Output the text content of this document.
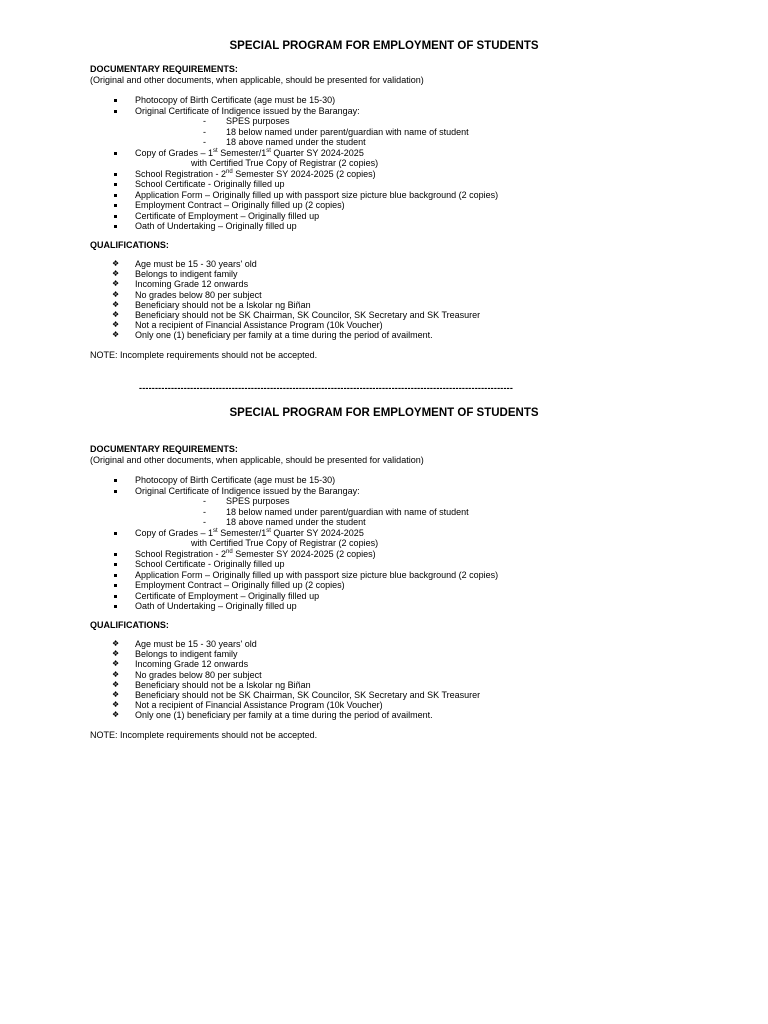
SPECIAL PROGRAM FOR EMPLOYMENT OF STUDENTS

DOCUMENTARY REQUIREMENTS:

(Original and other documents, when applicable, should be presented for validation)

Photocopy of Birth Certificate (age must be 15-30)
Original Certificate of Indigence issued by the Barangay:
- SPES purposes
- 18 below named under parent/guardian with name of student
- 18 above named under the student
Copy of Grades – 1st Semester/1st Quarter SY 2024-2025
with Certified True Copy of Registrar (2 copies)
School Registration - 2nd Semester SY 2024-2025 (2 copies)
School Certificate - Originally filled up
Application Form – Originally filled up with passport size picture blue background (2 copies)
Employment Contract – Originally filled up (2 copies)
Certificate of Employment – Originally filled up
Oath of Undertaking – Originally filled up

QUALIFICATIONS:

❖ Age must be 15 - 30 years' old
❖ Belongs to indigent family
❖ Incoming Grade 12 onwards
❖ No grades below 80 per subject
❖ Beneficiary should not be a Iskolar ng Biñan
❖ Beneficiary should not be SK Chairman, SK Councilor, SK Secretary and SK Treasurer
❖ Not a recipient of Financial Assistance Program (10k Voucher)
❖ Only one (1) beneficiary per family at a time during the period of availment.

NOTE: Incomplete requirements should not be accepted.

---------------------------------------------------------------------------------------------------------------------

SPECIAL PROGRAM FOR EMPLOYMENT OF STUDENTS

DOCUMENTARY REQUIREMENTS:

(Original and other documents, when applicable, should be presented for validation)

Photocopy of Birth Certificate (age must be 15-30)
Original Certificate of Indigence issued by the Barangay:
- SPES purposes
- 18 below named under parent/guardian with name of student
- 18 above named under the student
Copy of Grades – 1st Semester/1st Quarter SY 2024-2025
with Certified True Copy of Registrar (2 copies)
School Registration - 2nd Semester SY 2024-2025 (2 copies)
School Certificate - Originally filled up
Application Form – Originally filled up with passport size picture blue background (2 copies)
Employment Contract – Originally filled up (2 copies)
Certificate of Employment – Originally filled up
Oath of Undertaking – Originally filled up

QUALIFICATIONS:

❖ Age must be 15 - 30 years' old
❖ Belongs to indigent family
❖ Incoming Grade 12 onwards
❖ No grades below 80 per subject
❖ Beneficiary should not be a Iskolar ng Biñan
❖ Beneficiary should not be SK Chairman, SK Councilor, SK Secretary and SK Treasurer
❖ Not a recipient of Financial Assistance Program (10k Voucher)
❖ Only one (1) beneficiary per family at a time during the period of availment.

NOTE: Incomplete requirements should not be accepted.
